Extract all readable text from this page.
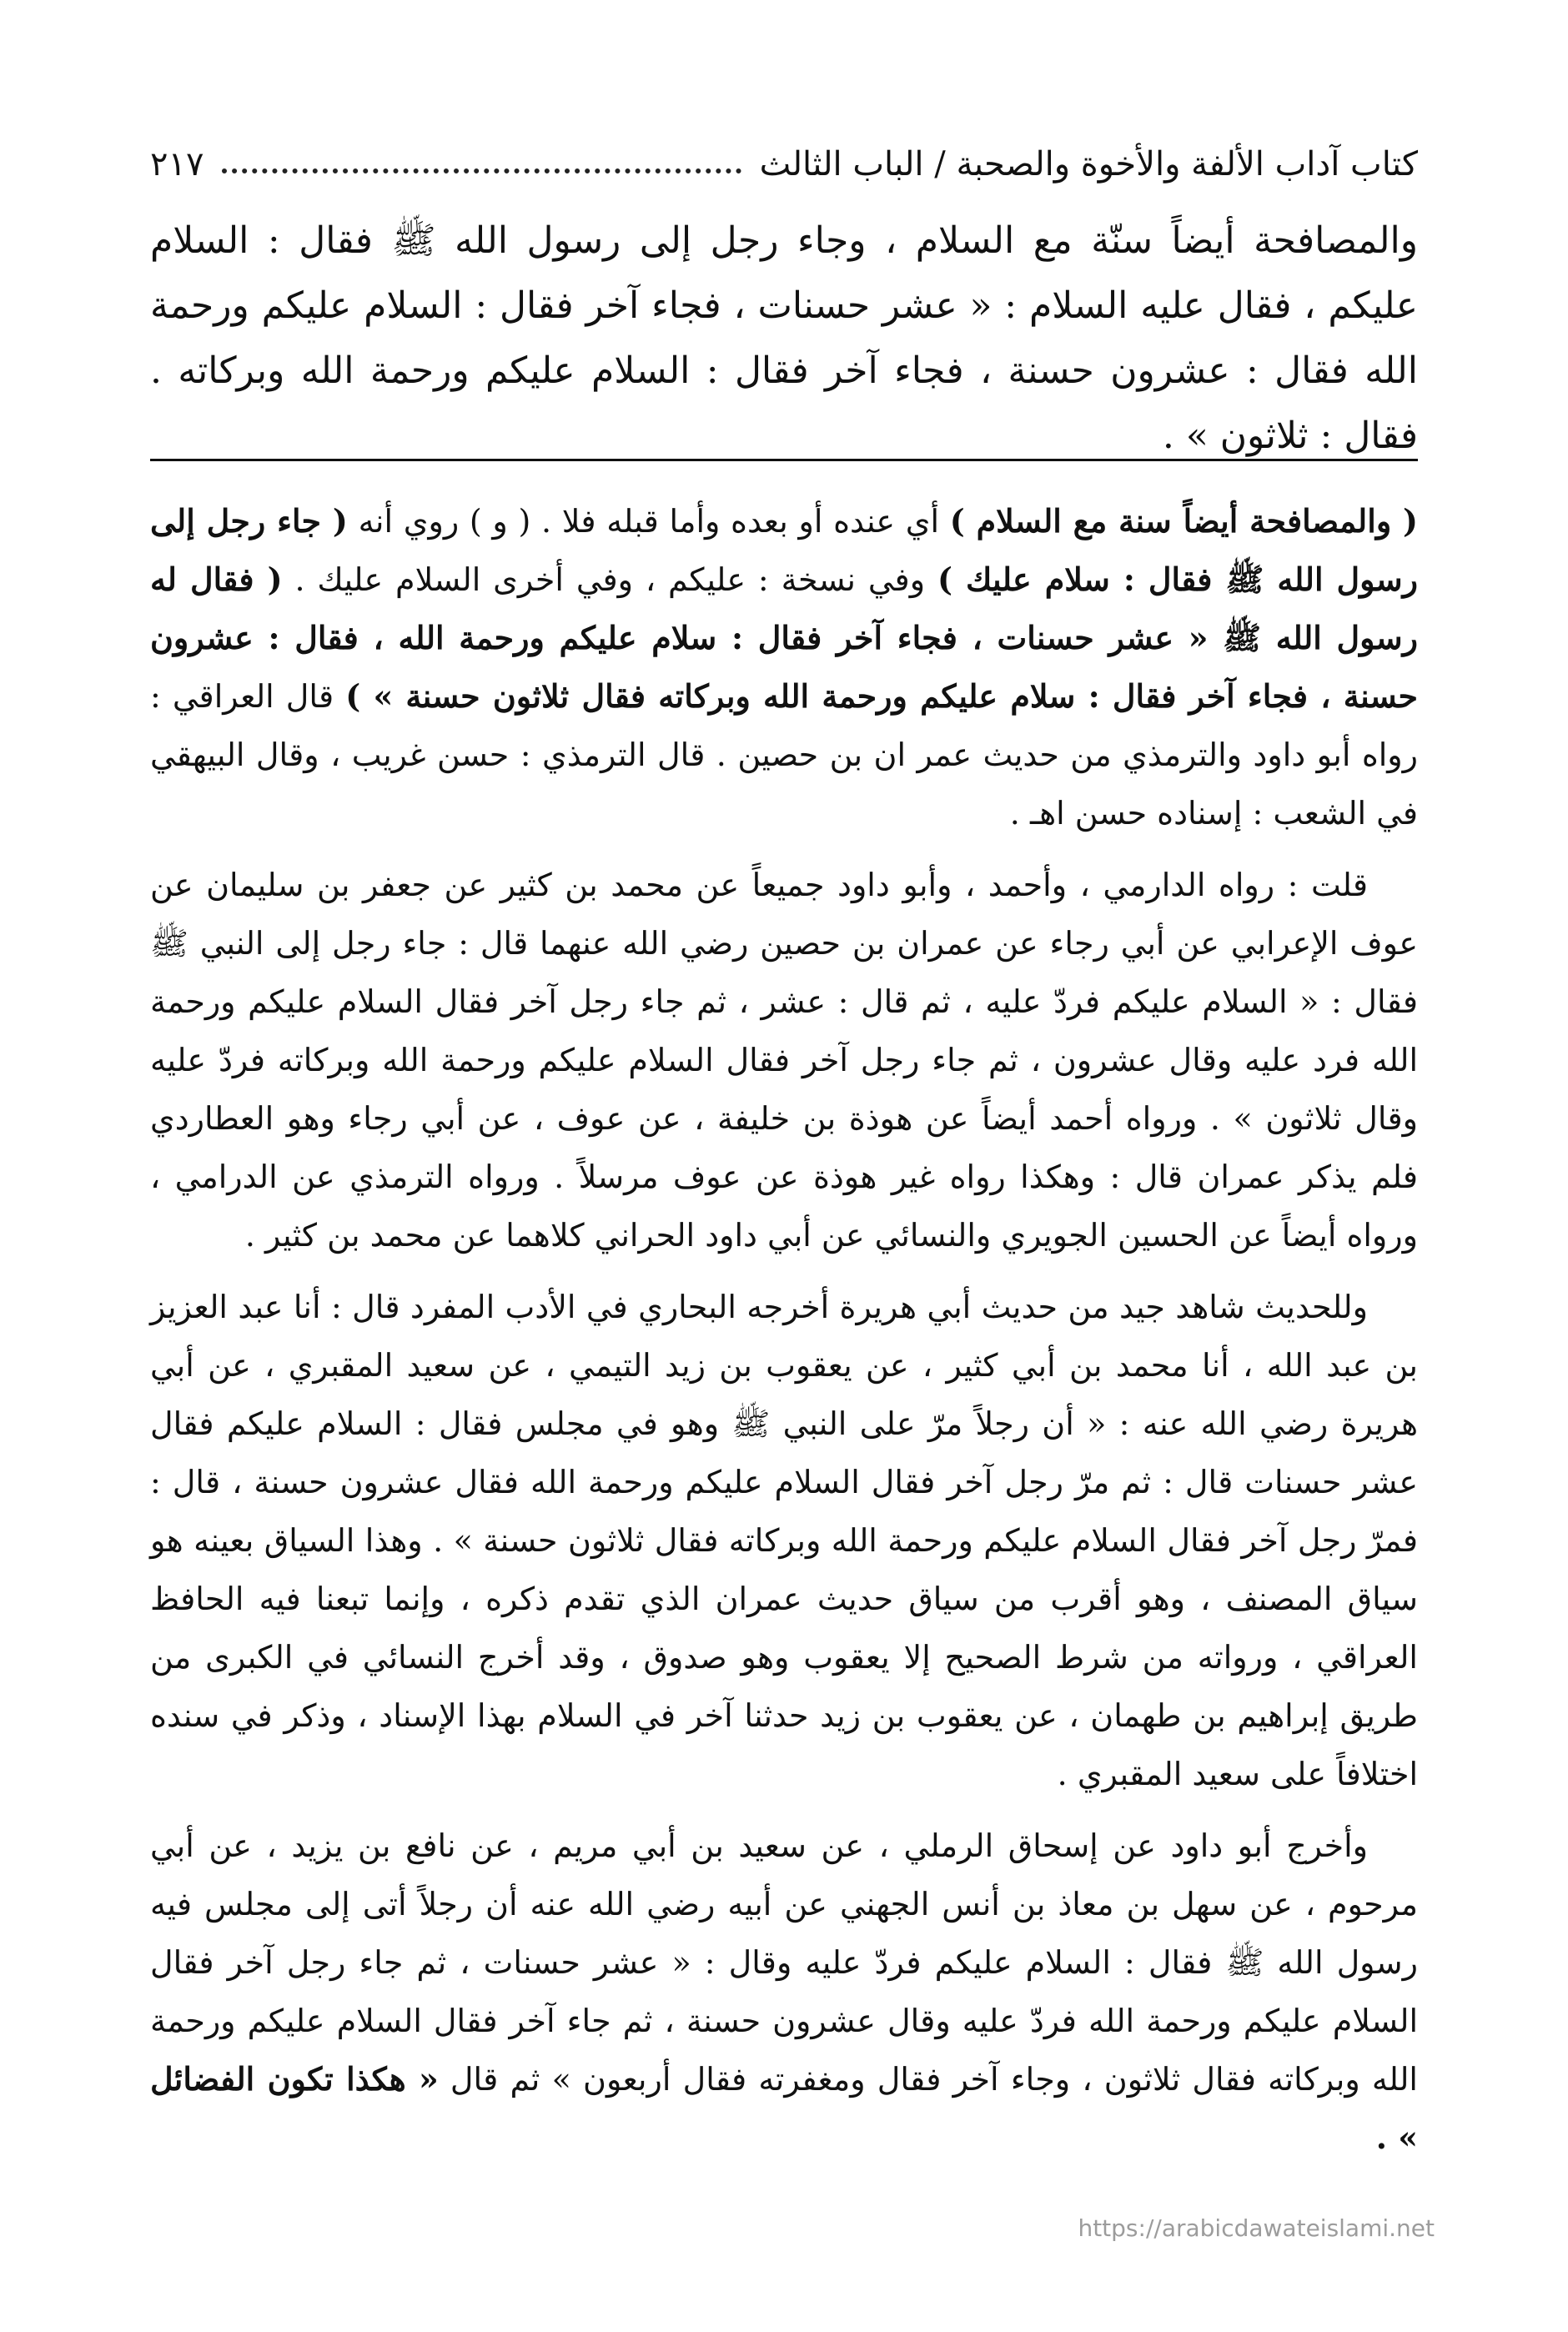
كتاب آداب الألفة والأخوة والصحبة / الباب الثالث
٢١٧
والمصافحة أيضاً سنّة مع السلام ، وجاء رجل إلى رسول الله ﷺ فقال : السلام عليكم ، فقال عليه السلام : « عشر حسنات ، فجاء آخر فقال : السلام عليكم ورحمة الله فقال : عشرون حسنة ، فجاء آخر فقال : السلام عليكم ورحمة الله وبركاته . فقال : ثلاثون » .

( والمصافحة أيضاً سنة مع السلام ) أي عنده أو بعده وأما قبله فلا . ( و ) روي أنه ( جاء رجل إلى رسول الله ﷺ فقال : سلام عليك ) وفي نسخة : عليكم ، وفي أخرى السلام عليك . ( فقال له رسول الله ﷺ « عشر حسنات ، فجاء آخر فقال : سلام عليكم ورحمة الله ، فقال : عشرون حسنة ، فجاء آخر فقال : سلام عليكم ورحمة الله وبركاته فقال ثلاثون حسنة » ) قال العراقي : رواه أبو داود والترمذي من حديث عمر ان بن حصين . قال الترمذي : حسن غريب ، وقال البيهقي في الشعب : إسناده حسن اهـ .

قلت : رواه الدارمي ، وأحمد ، وأبو داود جميعاً عن محمد بن كثير عن جعفر بن سليمان عن عوف الإعرابي عن أبي رجاء عن عمران بن حصين رضي الله عنهما قال : جاء رجل إلى النبي ﷺ فقال : « السلام عليكم فردّ عليه ، ثم قال : عشر ، ثم جاء رجل آخر فقال السلام عليكم ورحمة الله فرد عليه وقال عشرون ، ثم جاء رجل آخر فقال السلام عليكم ورحمة الله وبركاته فردّ عليه وقال ثلاثون » . ورواه أحمد أيضاً عن هوذة بن خليفة ، عن عوف ، عن أبي رجاء وهو العطاردي فلم يذكر عمران قال : وهكذا رواه غير هوذة عن عوف مرسلاً . ورواه الترمذي عن الدرامي ، ورواه أيضاً عن الحسين الجويري والنسائي عن أبي داود الحراني كلاهما عن محمد بن كثير .

وللحديث شاهد جيد من حديث أبي هريرة أخرجه البحاري في الأدب المفرد قال : أنا عبد العزيز بن عبد الله ، أنا محمد بن أبي كثير ، عن يعقوب بن زيد التيمي ، عن سعيد المقبري ، عن أبي هريرة رضي الله عنه : « أن رجلاً مرّ على النبي ﷺ وهو في مجلس فقال : السلام عليكم فقال عشر حسنات قال : ثم مرّ رجل آخر فقال السلام عليكم ورحمة الله فقال عشرون حسنة ، قال : فمرّ رجل آخر فقال السلام عليكم ورحمة الله وبركاته فقال ثلاثون حسنة » . وهذا السياق بعينه هو سياق المصنف ، وهو أقرب من سياق حديث عمران الذي تقدم ذكره ، وإنما تبعنا فيه الحافظ العراقي ، ورواته من شرط الصحيح إلا يعقوب وهو صدوق ، وقد أخرج النسائي في الكبرى من طريق إبراهيم بن طهمان ، عن يعقوب بن زيد حدثنا آخر في السلام بهذا الإسناد ، وذكر في سنده اختلافاً على سعيد المقبري .

وأخرج أبو داود عن إسحاق الرملي ، عن سعيد بن أبي مريم ، عن نافع بن يزيد ، عن أبي مرحوم ، عن سهل بن معاذ بن أنس الجهني عن أبيه رضي الله عنه أن رجلاً أتى إلى مجلس فيه رسول الله ﷺ فقال : السلام عليكم فردّ عليه وقال : « عشر حسنات ، ثم جاء رجل آخر فقال السلام عليكم ورحمة الله فردّ عليه وقال عشرون حسنة ، ثم جاء آخر فقال السلام عليكم ورحمة الله وبركاته فقال ثلاثون ، وجاء آخر فقال ومغفرته فقال أربعون » ثم قال « هكذا تكون الفضائل » .

https://arabicdawateislami.net
